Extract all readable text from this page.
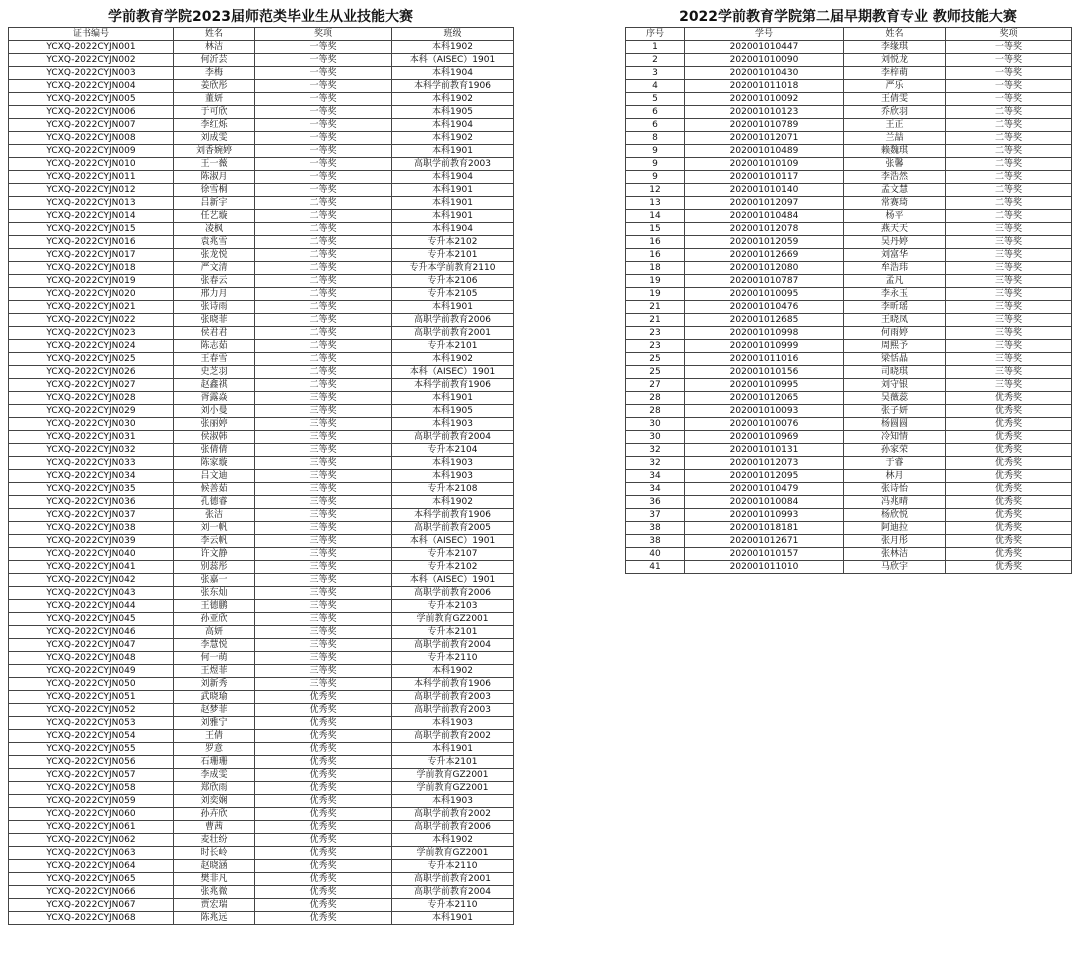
学前教育学院2023届师范类毕业生从业技能大赛
证书编号	姓名	奖项	班级
YCXQ-2022CYJN001	林洁	一等奖	本科1902
YCXQ-2022CYJN002	何沂芸	一等奖	本科（AISEC）1901
YCXQ-2022CYJN003	李梅	一等奖	本科1904
YCXQ-2022CYJN004	姜欣彤	一等奖	本科学前教育1906
YCXQ-2022CYJN005	董妍	一等奖	本科1902
YCXQ-2022CYJN006	于可欣	一等奖	本科1905
YCXQ-2022CYJN007	李红烁	一等奖	本科1904
YCXQ-2022CYJN008	刘成雯	一等奖	本科1902
YCXQ-2022CYJN009	刘香婉婷	一等奖	本科1901
YCXQ-2022CYJN010	王一薇	一等奖	高职学前教育2003
YCXQ-2022CYJN011	陈淑月	一等奖	本科1904
YCXQ-2022CYJN012	徐雪桐	一等奖	本科1901
YCXQ-2022CYJN013	吕新宇	二等奖	本科1901
YCXQ-2022CYJN014	任艺璇	二等奖	本科1901
YCXQ-2022CYJN015	凌枫	二等奖	本科1904
YCXQ-2022CYJN016	袁兆雪	二等奖	专升本2102
YCXQ-2022CYJN017	张龙悦	二等奖	专升本2101
YCXQ-2022CYJN018	严文清	二等奖	专升本学前教育2110
YCXQ-2022CYJN019	张春云	二等奖	专升本2106
YCXQ-2022CYJN020	邢力月	二等奖	专升本2105
YCXQ-2022CYJN021	张诗雨	二等奖	本科1901
YCXQ-2022CYJN022	张晓菲	二等奖	高职学前教育2006
YCXQ-2022CYJN023	侯君君	二等奖	高职学前教育2001
YCXQ-2022CYJN024	陈志茹	二等奖	专升本2101
YCXQ-2022CYJN025	王春雪	二等奖	本科1902
YCXQ-2022CYJN026	史芝羽	二等奖	本科（AISEC）1901
YCXQ-2022CYJN027	赵鑫祺	二等奖	本科学前教育1906
YCXQ-2022CYJN028	胥露焱	三等奖	本科1901
YCXQ-2022CYJN029	刘小曼	三等奖	本科1905
YCXQ-2022CYJN030	张丽婷	三等奖	本科1903
YCXQ-2022CYJN031	侯淑韩	三等奖	高职学前教育2004
YCXQ-2022CYJN032	张倩倩	三等奖	专升本2104
YCXQ-2022CYJN033	陈家璇	三等奖	本科1903
YCXQ-2022CYJN034	吕文迪	三等奖	本科1903
YCXQ-2022CYJN035	候善茹	三等奖	专升本2108
YCXQ-2022CYJN036	孔德睿	三等奖	本科1902
YCXQ-2022CYJN037	张洁	三等奖	本科学前教育1906
YCXQ-2022CYJN038	刘一帆	三等奖	高职学前教育2005
YCXQ-2022CYJN039	李云帆	三等奖	本科（AISEC）1901
YCXQ-2022CYJN040	许文静	三等奖	专升本2107
YCXQ-2022CYJN041	别蕊彤	三等奖	专升本2102
YCXQ-2022CYJN042	张嘉一	三等奖	本科（AISEC）1901
YCXQ-2022CYJN043	张东灿	三等奖	高职学前教育2006
YCXQ-2022CYJN044	王德鹏	三等奖	专升本2103
YCXQ-2022CYJN045	孙亚欣	三等奖	学前教育GZ2001
YCXQ-2022CYJN046	高妍	三等奖	专升本2101
YCXQ-2022CYJN047	李慧悦	三等奖	高职学前教育2004
YCXQ-2022CYJN048	何一萌	三等奖	专升本2110
YCXQ-2022CYJN049	王煜菲	三等奖	本科1902
YCXQ-2022CYJN050	刘新秀	三等奖	本科学前教育1906
YCXQ-2022CYJN051	武晓瑜	优秀奖	高职学前教育2003
YCXQ-2022CYJN052	赵梦菲	优秀奖	高职学前教育2003
YCXQ-2022CYJN053	刘雅宁	优秀奖	本科1903
YCXQ-2022CYJN054	王倩	优秀奖	高职学前教育2002
YCXQ-2022CYJN055	罗意	优秀奖	本科1901
YCXQ-2022CYJN056	石珊珊	优秀奖	专升本2101
YCXQ-2022CYJN057	李成雯	优秀奖	学前教育GZ2001
YCXQ-2022CYJN058	郑欣雨	优秀奖	学前教育GZ2001
YCXQ-2022CYJN059	刘奕娴	优秀奖	本科1903
YCXQ-2022CYJN060	孙卉欣	优秀奖	高职学前教育2002
YCXQ-2022CYJN061	曹茜	优秀奖	高职学前教育2006
YCXQ-2022CYJN062	麦壮纷	优秀奖	本科1902
YCXQ-2022CYJN063	时长岭	优秀奖	学前教育GZ2001
YCXQ-2022CYJN064	赵晓涵	优秀奖	专升本2110
YCXQ-2022CYJN065	樊非凡	优秀奖	高职学前教育2001
YCXQ-2022CYJN066	张兆微	优秀奖	高职学前教育2004
YCXQ-2022CYJN067	贾宏瑞	优秀奖	专升本2110
YCXQ-2022CYJN068	陈兆远	优秀奖	本科1901
2022学前教育学院第二届早期教育专业 教师技能大赛
序号	学号	姓名	奖项
1	202001010447	李缘琪	一等奖
2	202001010090	刘悦龙	一等奖
3	202001010430	李梓萌	一等奖
4	202001011018	严乐	一等奖
5	202001010092	王倩雯	一等奖
6	202001010123	乔欣羽	二等奖
6	202001010789	王正	二等奖
8	202001012071	兰喆	二等奖
9	202001010489	赖魏琪	二等奖
9	202001010109	张馨	二等奖
9	202001010117	李浩然	二等奖
12	202001010140	孟文慧	二等奖
13	202001012097	常赛琦	二等奖
14	202001010484	杨平	二等奖
15	202001012078	燕天天	三等奖
16	202001012059	吴丹婷	三等奖
16	202001012669	刘富华	三等奖
18	202001012080	牟浩玮	三等奖
19	202001010787	孟凡	三等奖
19	202001010095	李永玉	三等奖
21	202001010476	李昕瑶	三等奖
21	202001012685	王晓凤	三等奖
23	202001010998	何雨婷	三等奖
23	202001010999	周熙予	三等奖
25	202001011016	梁恬晶	三等奖
25	202001010156	司晓琪	三等奖
27	202001010995	刘守银	三等奖
28	202001012065	吴薇蕊	优秀奖
28	202001010093	张子妍	优秀奖
30	202001010076	杨圆圆	优秀奖
30	202001010969	冷知情	优秀奖
32	202001010131	孙家荣	优秀奖
32	202001012073	于睿	优秀奖
34	202001012095	林月	优秀奖
34	202001010479	张诗怡	优秀奖
36	202001010084	冯兆晴	优秀奖
37	202001010993	杨欣悦	优秀奖
38	202001018181	阿迪拉	优秀奖
38	202001012671	张月彤	优秀奖
40	202001010157	张林洁	优秀奖
41	202001011010	马欣宇	优秀奖
